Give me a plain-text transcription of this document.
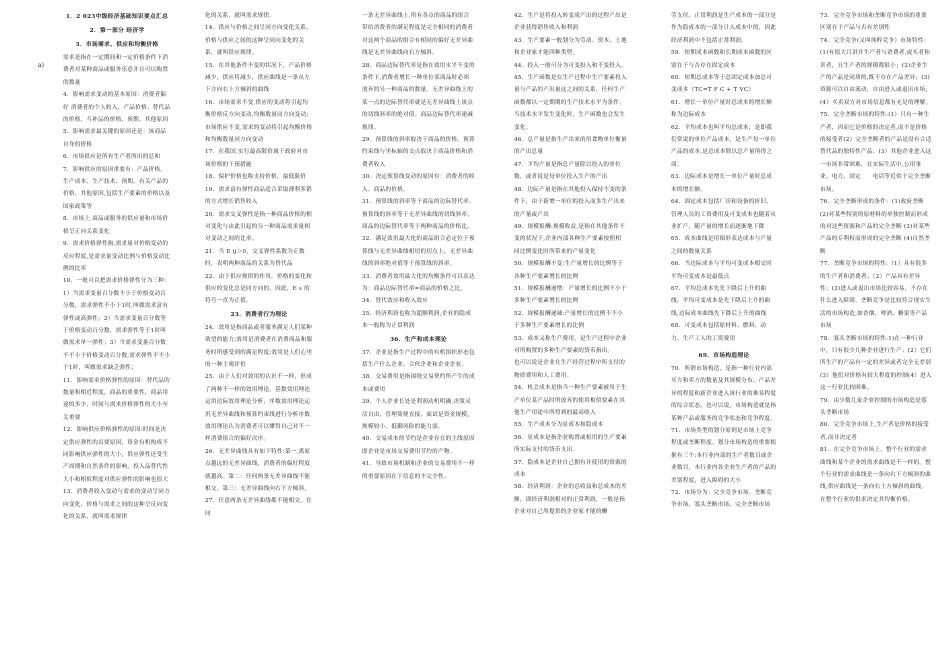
a)
1．2 023中级经济基础知识要点汇总
2．第一部分 经济学
3．市场需求、供应和均衡价格

需求是指在一定期间和一定价格条件下消费者对某种商品或服务乐意并且可以购置的数量

4．影响需求变动的基本原因：消费者偏好 消费者的个人收入、产品价格、替代品的价格、互补品的价格、预期、其他原因

5．影响需求最关键的原因还是：该商品自身的价格

6．市场供应是所有生产者所出的总和

7．影响供应的原因重要有：产品价格、生产成本、生产技术、预期、有关产品的价格、其他原因,包括生产要素的价格以及国家政策等

8．市场上,商品或服务的供应量和市场价格呈正向关系变化

9．需求价格弹性指,需求量对价格变动的反应程度,是需求量变动比例与价格变动比例的比率

10．一般可以把需求价格弹性分为三种：1）当需求变量百分数不小于价格变动百分数，需求弹性不小于1时,叫做需求富有弹性或高弹性；2）当需求变量百分数等于价格变动百分数，需求弹性等于1时叫做需求单一弹性；3）当需求变量百分数不不小于价格变动百分数,需求弹性不不小于1时，叫做需求缺乏弹性；

11．影响需求价格弹性的原因：替代品的数量和相近程度，商品的重要性，商品用途的多少，时间与需求价格弹性的大小至关重要

12．影响供应价格弹性的原因:时间是决定供应弹性的首要原因，资金有机构成不同影响供应弹性的大小，供应弹性还受生产周期和自然条件的影响，投入品替代性大小和相似程度对供应弹性的影响也很大

13．消费者收入变动与需求的变动呈同方向变化，价格与需求之间的这种呈反向变化的关系，就叫需求规律

化的关系，就叫需求规律。

14．供应与价格之间呈同方向变化关系，价格与供应之间的这种呈同向变化的关系，就叫供应规律。

15．在其他条件不变的状况下，产品价格减少，供应将减少，供应曲线是一条从左下方向右上方倾斜的曲线

16．市场需求不变,供应的变动将引起均衡价格反方向变动,均衡数量同方向变动;市场供应不变,需求的变动将引起均衡价格和均衡数量同方向变动

17．在我国,实行最高限价属于政府对市场价格的干预措施

18．保护价格也称支持价格、最低限价

19．需求富有弹性商品适合采取薄利多销的方式增长销售收入

20．需求交叉弹性是指一种商品价格的相对变化与由此引起的另一种商品需求量相对变动之间的比率。

21．当 E ij＞0，交叉弹性系数为正数时，表明两种商品的关系为替代品

22．由于供应规律的作用，价格的变化和供应的变化总是同方向的，因此，E s 的符号一直为正值。

23．消费者行为理论

24．效用是指商品或者服务满足人们某种欲望的能力;效用是消费者在消费商品和服务时所感受到的满足程度;效用是人们心里的一种主观评价

25．由于人们对效用的认识不一样，形成了两种不一样的效用理论，基数效用理论运用边际效用理论分析，序数效用理论运用无差异曲线和预算约束线进行分析序数效用理论认为消费者可以懂得自己对不一样消费组合的偏好次序。

26．无差异曲线具有如下特性:第一,离原点越远的无差异曲线，消费者的偏好程度就越高。第二：任何两条无差异曲线不能相交。第三：无差异曲线向右下方倾斜，

27．任意两条无差异曲线都不能相交，在同

一条无差异曲线上,所有各点的商品的组合带给消费者的满足程度是完全相同的消费者对这两个商品的组合有相同的偏好无差异曲线是无差异曲线向右方倾斜。

28．商品边际替代率是指在效用水平不变的条件下,消费者增长一种单位某商品时必须放弃的另一种商品的数量。无差异曲线上的某一点的边际替代率就是无差异曲线上该点的切线斜率的绝对值。商品边际替代率递减规律。

29．预算线的斜率取决于商品的价格。预算约束线与坐标轴的交点取决于商品价格和消费者收入

30．决定预算线变动的原因有：消费者的收入、商品的价格。

31．预算线的斜率等于商品的边际替代率。预算线的斜率等于无差异曲线的切线斜率，商品的边际替代率等于两种商品的价格比。

32．满足效用最大化的商品组合必定位于预算线与无差异曲线相切的切点上，无差异曲线的斜率绝对值等于预算线的斜率。

33．消费者效用最大化的均衡条件可以表达为：商品边际替代率=商品的价格之比。

34．替代效应和收入效应

35．经济利润也称为超额利润,企业的隐成本一般称为正常利润

36．生产和成本理论

37．企业是指生产过程中的有机组织形态包括生产什么企业、合伙企业和企业企业。

38．交易费用是指围绕交易契约所产生的成本或费用

39．个人企业长处是利润动机明确,决策灵活自由，管理简便直接，面试是资金规模，规模较小，抵御风险的能力弱。

40．交易成本的节约是企业存在的主线原因即企业是市场交易费用节约的产物。

41．导致市场机制和企业的交易费用不一样的重要原因在于信息的不完全性。

42．生产是将投入转变成产出的过程产出是企业获得销售收入和利润

43．生产要素一般划分为劳动、资本、土地和企业家才能四种类型。

44．投入一般可分为可变投入和不变投入。

45．生产函数是在生产过程中生产要素投入量与产品的产出量这之间的关系，任何生产函数都以一定期期的生产技术水平为条件，当技术水平发生变化时，生产函数也会发生变化。

46．总产量是指生产出来的用食物单位衡量的产出总量

47．平均产量是指总产量除以投入的单位数，或者说是每单位投入生产的产出

48．边际产量是指在其他投入保持不变的条件下，由于新增一单位的投入而多生产出来的产量或产出

49．规模报酬:规模收益,是指在其他条件不变的状况下,企业内部各种生产要素按照相同比例变化时所带来的产量变化

50．规模报酬不变:生产量增长的比例等于各种生产要素增长的比例

51．规模报酬递增：产量增长的比例不小于多种生产要素增长的比例

52．规模报酬递减:产量增长的比例不不小于多种生产要素增长的比例

53．成本又称生产费用，是生产过程中企业对所购置的多种生产要素的货币指出。

也可以说是企业在生产经营过程中所支付的物质费用和人工费用。

54．机会成本是指当一种生产要素被用于生产单位某产品时所放弃的使用相似要素在其他生产用途中所得到的最高收入

55．生产成本分为显成本和隐成本

56．显成本是指企业购置或租用的生产要素所实际支付的货币支出。

57．隐成本是企业自己拥有并使用的资源的成本

58．经济利润：企业的总收益和总成本的差额，即经济利润相对的正常利润，一般是指企业对自己所提供的企业家才能的酬

劳支付。正常利润是生产成本的一部分是作为隐成本的一部分计入成本中的，因此经济利润中不包括正常利润。

59．短期成本函数和长期成本函数的区别在于与否存在固定成本

60．短期总成本等于总固定成本加总可变成本（TC=T F C + T VC）

61．增长一单位产量时总成本的增长额称为边际成本

62．平均成本也叫平均总成本，是即我们常说的单位产品成本，是生产每一单位产品的成本,是总成本除以总产量所得之商。

63．边际成本是增长一单位产量时总成本的增长额。

64．固定成本包括厂房和设备的折旧、管理人员的工资费用及可变成本也随着从业扩产，随产量的增长而逐渐地下降

65．成本曲线是用图形表达成本与产量之间的数量关系

66．当边际成本与平均可变成本相交时平均可变成本是最低点

67．平均总成本先先下降后上升的曲线，平均可变成本是先下降后上升的曲线,边际成本曲线先下降后上升的曲线

68．可变成本包括原材料、燃料、动力、生产工人的工资费用

69．市场构造理论

70．所谓市场构造，是指一种行业内部买方和卖方的数量及其规模分布、产品差异的程度和新企业进入该行业的难易程度的综合状态，也可以说，市场构造就是指某种产品或服务的竞争状态和竞争程度。

71．市场类型的划分原则是市场上竞争程度或垄断程度。划分市场构造的重要根据有三个:本行业内部的生产者数目或企业数目，本行业内各企业生产者的产品的差别程度，进入障碍的大小

72．市场分为：完全竞争市场、垄断竞争市场、寡头垄断市场、完全垄断市场

73．完全竞争市场和垄断竞争市场的重要区别在于产品与否有差别性

74．完全竞争(又叫纯粹竞争）市场特性：(1)有很大月讲并生产者与消费者,或买者和卖者，且生产者的规模都很小；(2)企业生产的产品是同质的,既不存在产品差异；(3)资源可以自由流动，自由进入或退出市场；(4）买卖双方对市场信息都有充足的理解。

75．完全垄断市场的特性:(1）只有一种生产者，因而它是价格的决定者,而不是价格的接受者(2）完全垄断者的产品是没有合适替代品的独特性产品；(3）其他企业进入这一市场非常困难，在实际生活中,公用事业、电力、固定　　电话等近似于完全垄断市场。

76．完全垄断形成的条件：(1)政府垄断 (2)对某些特别的原材料的单独控制而形成的对这些资源和产品的完全垄断 (3)对某些产品的专利权而形成的完全垄断 (4)自然垄断

77．垄断竞争市场的特性:（1）具有很多的生产者和消费者；（2）产品具有差异性；(3)进入或退出市场比较容易，不存在什么进入障碍，垄断竞争是比较符合现实生活的市场构造,如香烟、啤酒、糖果等产品市场

78．寡头垄断市场的特性:1)在一种行业中，只有很少几种企业进行生产；(2）它们所生产的产品有一定的差异或者完全无差别 (3）他们对价格有较大程度的控制(4）进入这一行业比较困难。

79．由少数几家企业控制的市场构造是寡头垄断市场

80．完全竞争市场上,生产者是价格的接受者,而非决定者

81．在完全竞争市场上，整个行业的需求曲线和某个企业的需求曲线是不一样的。整个行业的需求曲线是一条向右下方倾斜的曲线,供应曲线是一条向右上方倾斜的曲线。在整个行业的供求决定其均衡价格。
